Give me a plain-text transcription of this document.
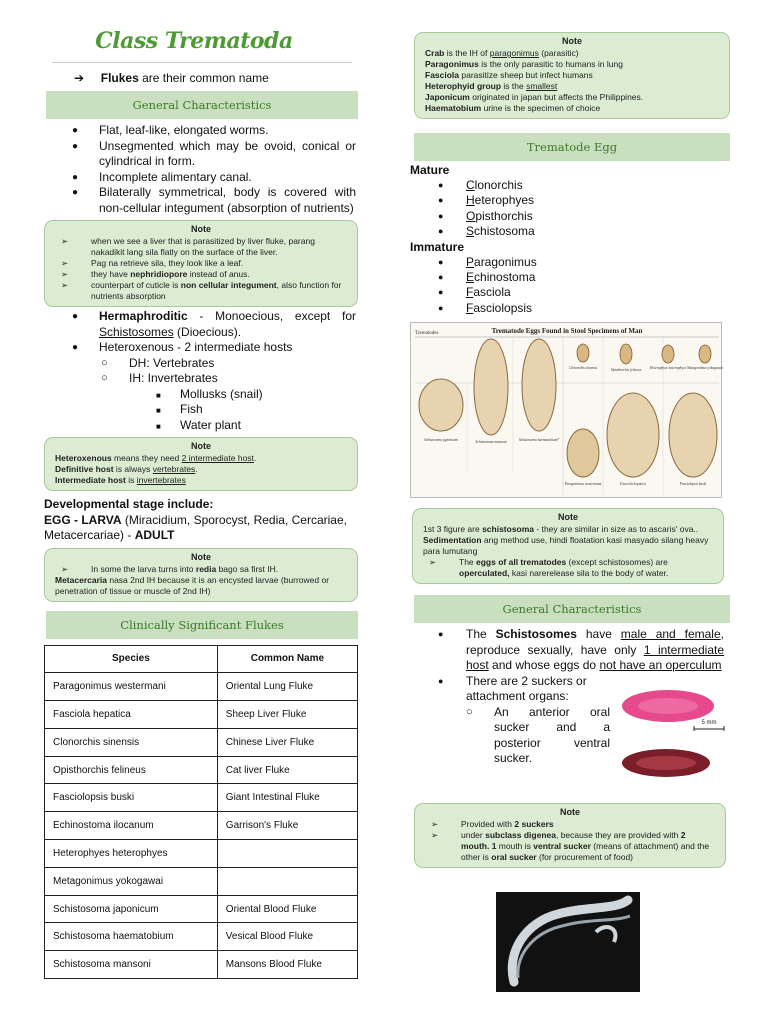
Class Trematoda
➔ Flukes are their common name
General Characteristics
● Flat, leaf-like, elongated worms.
● Unsegmented which may be ovoid, conical or cylindrical in form.
● Incomplete alimentary canal.
● Bilaterally symmetrical, body is covered with non-cellular integument (absorption of nutrients)
Note
➢ when we see a liver that is parasitized by liver fluke, parang nakadikit lang sila flatly on the surface of the liver.
➢ Pag na retrieve sila, they look like a leaf.
➢ they have nephridiopore instead of anus.
➢ counterpart of cuticle is non cellular integument, also function for nutrients absorption
● Hermaphroditic - Monoecious, except for Schistosomes (Dioecious).
● Heteroxenous - 2 intermediate hosts
○ DH: Vertebrates
○ IH: Invertebrates
■ Mollusks (snail)
■ Fish
■ Water plant
Note
Heteroxenous means they need 2 intermediate host.
Definitive host is always vertebrates.
Intermediate host is invertebrates
Developmental stage include:
EGG - LARVA (Miracidium, Sporocyst, Redia, Cercariae, Metacercariae) - ADULT
Note
➢ In some the larva turns into redia bago sa first IH.
Metacercaria nasa 2nd IH because it is an encysted larvae (burrowed or penetration of tissue or muscle of 2nd IH)
Clinically Significant Flukes
Species	Common Name
Paragonimus westermani	Oriental Lung Fluke
Fasciola hepatica	Sheep Liver Fluke
Clonorchis sinensis	Chinese Liver Fluke
Opisthorchis felineus	Cat liver Fluke
Fasciolopsis buski	Giant Intestinal Fluke
Echinostoma ilocanum	Garrison's Fluke
Heterophyes heterophyes	
Metagonimus yokogawai	
Schistosoma japonicum	Oriental Blood Fluke
Schistosoma haematobium	Vesical Blood Fluke
Schistosoma mansoni	Mansons Blood Fluke
Note
Crab is the IH of paragonimus (parasitic)
Paragonimus is the only parasitic to humans in lung
Fasciola parasitize sheep but infect humans
Heterophyid group is the smallest
Japonicum originated in japan but affects the Philippines.
Haematobium urine is the specimen of choice
Trematode Egg
Mature
● Clonorchis
● Heterophyes
● Opisthorchis
● Schistosoma
Immature
● Paragonimus
● Echinostoma
● Fasciola
● Fasciolopsis
Trematode Eggs Found in Stool Specimens of Man
Trematodes
Schistosoma japonicum	Schistosoma mansoni	Schistosoma haematobium*
Clonorchis sinensis	Opisthorchis felineus Heterophyes heterophyes Metagonimus yokogawai
Paragonimus westermani	Fasciola hepatica	Fasciolopsis buski
Note
1st 3 figure are schistosoma - they are similar in size as to ascaris' ova..
Sedimentation ang method use, hindi floatation kasi masyado silang heavy para lumutang
➢ The eggs of all trematodes (except schistosomes) are operculated, kasi narerelease sila to the body of water.
General Characteristics
● The Schistosomes have male and female, reproduce sexually, have only 1 intermediate host and whose eggs do not have an operculum
● There are 2 suckers or attachment organs:
○ An anterior oral sucker and a posterior ventral sucker.
5 mm
Note
➢ Provided with 2 suckers
➢ under subclass digenea, because they are provided with 2 mouth. 1 mouth is ventral sucker (means of attachment) and the other is oral sucker (for procurement of food)
